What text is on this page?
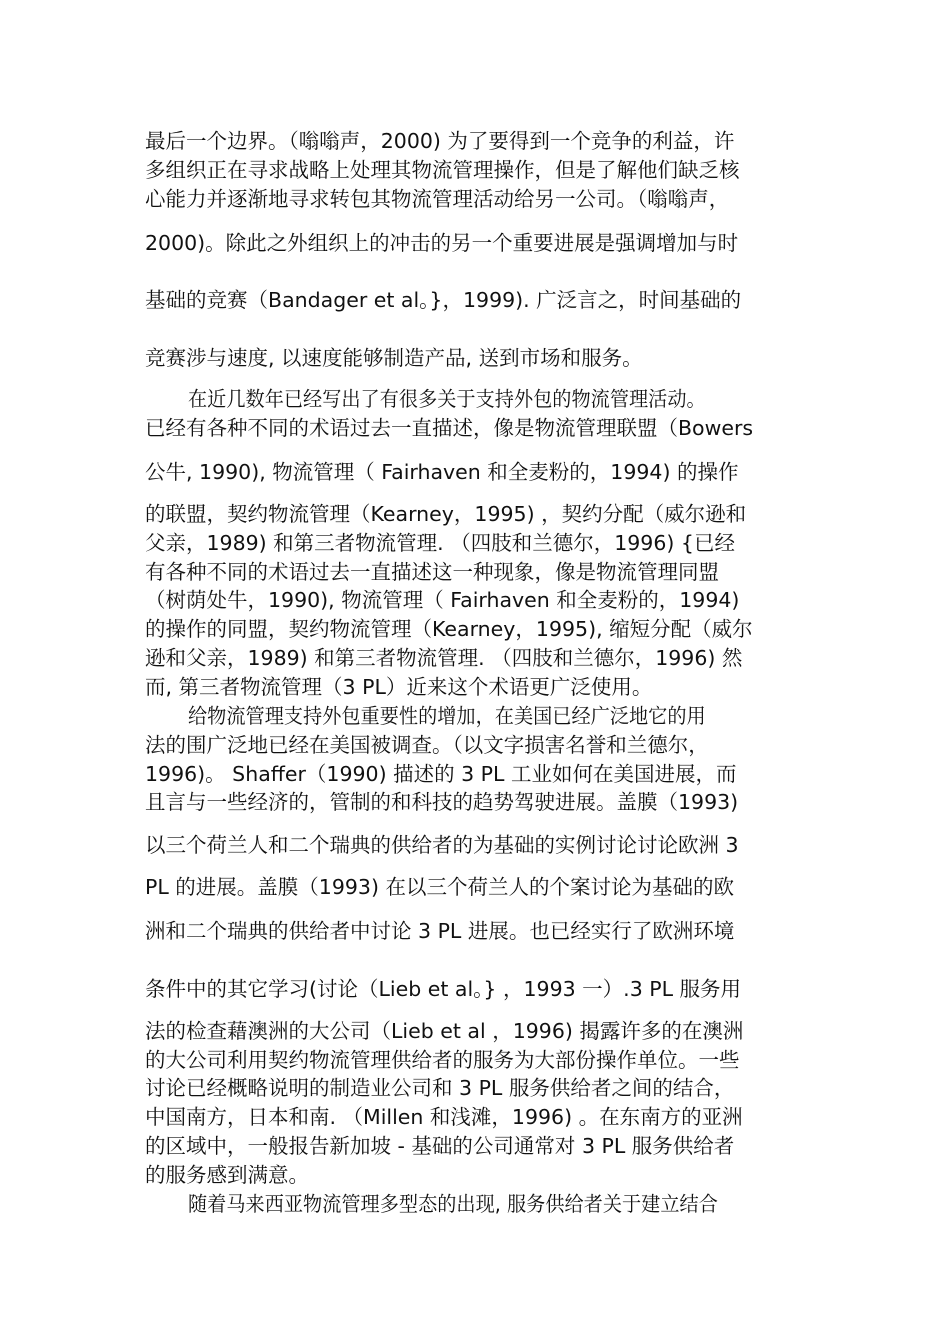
最后一个边界。（嗡嗡声，2000) 为了要得到一个竞争的利益，许
多组织正在寻求战略上处理其物流管理操作，但是了解他们缺乏核
心能力并逐渐地寻求转包其物流管理活动给另一公司。（嗡嗡声，
2000)。除此之外组织上的冲击的另一个重要进展是强调增加与时
基础的竞赛（Bandager et al。}，1999). 广泛言之，时间基础的
竞赛涉与速度, 以速度能够制造产品, 送到市场和服务。
在近几数年已经写出了有很多关于支持外包的物流管理活动。
已经有各种不同的术语过去一直描述，像是物流管理联盟（Bowers
公牛, 1990), 物流管理（ Fairhaven 和全麦粉的，1994) 的操作
的联盟，契约物流管理（Kearney，1995) ，契约分配（威尔逊和
父亲，1989) 和第三者物流管理. （四肢和兰德尔，1996) {已经
有各种不同的术语过去一直描述这一种现象，像是物流管理同盟
（树荫处牛，1990), 物流管理（ Fairhaven 和全麦粉的，1994)
的操作的同盟，契约物流管理（Kearney，1995), 缩短分配（威尔
逊和父亲，1989) 和第三者物流管理. （四肢和兰德尔，1996) 然
而, 第三者物流管理（3 PL）近来这个术语更广泛使用。
给物流管理支持外包重要性的增加，在美国已经广泛地它的用
法的围广泛地已经在美国被调查。（以文字损害名誉和兰德尔，
1996)。 Shaffer（1990) 描述的 3 PL 工业如何在美国进展，而
且言与一些经济的，管制的和科技的趋势驾驶进展。盖膜（1993)
以三个荷兰人和二个瑞典的供给者的为基础的实例讨论讨论欧洲 3
PL 的进展。盖膜（1993) 在以三个荷兰人的个案讨论为基础的欧
洲和二个瑞典的供给者中讨论 3 PL 进展。也已经实行了欧洲环境
条件中的其它学习(讨论（Lieb et al。} ，1993 一）.3 PL 服务用
法的检查藉澳洲的大公司（Lieb et al ，1996) 揭露许多的在澳洲
的大公司利用契约物流管理供给者的服务为大部份操作单位。一些
讨论已经概略说明的制造业公司和 3 PL 服务供给者之间的结合，
中国南方，日本和南. （Millen 和浅滩，1996) 。在东南方的亚洲
的区域中，一般报告新加坡 - 基础的公司通常对 3 PL 服务供给者
的服务感到满意。
随着马来西亚物流管理多型态的出现, 服务供给者关于建立结合
